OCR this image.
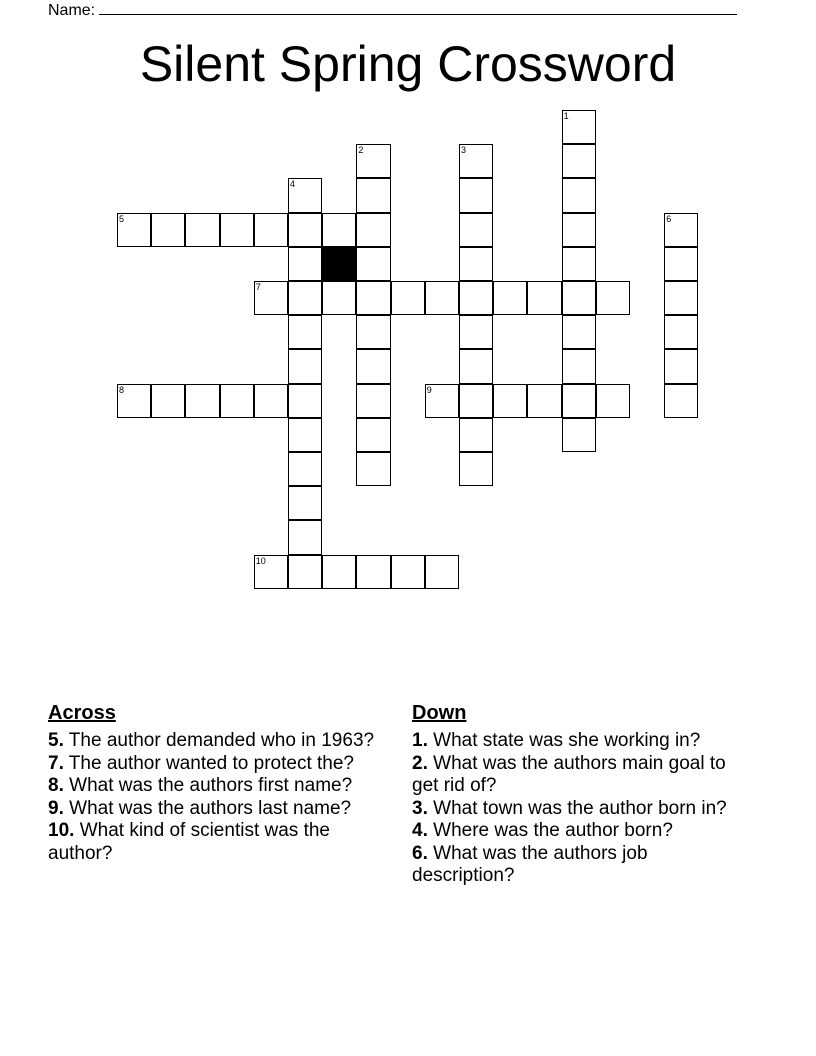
Name:
Silent Spring Crossword
1
2	3
4
5	6
7
8	9
10
Across

5. The author demanded who in 1963?

7. The author wanted to protect the?

8. What was the authors first name?

9. What was the authors last name?

10. What kind of scientist was the author?

Down

1. What state was she working in?

2. What was the authors main goal to get rid of?

3. What town was the author born in?

4. Where was the author born?

6. What was the authors job description?
